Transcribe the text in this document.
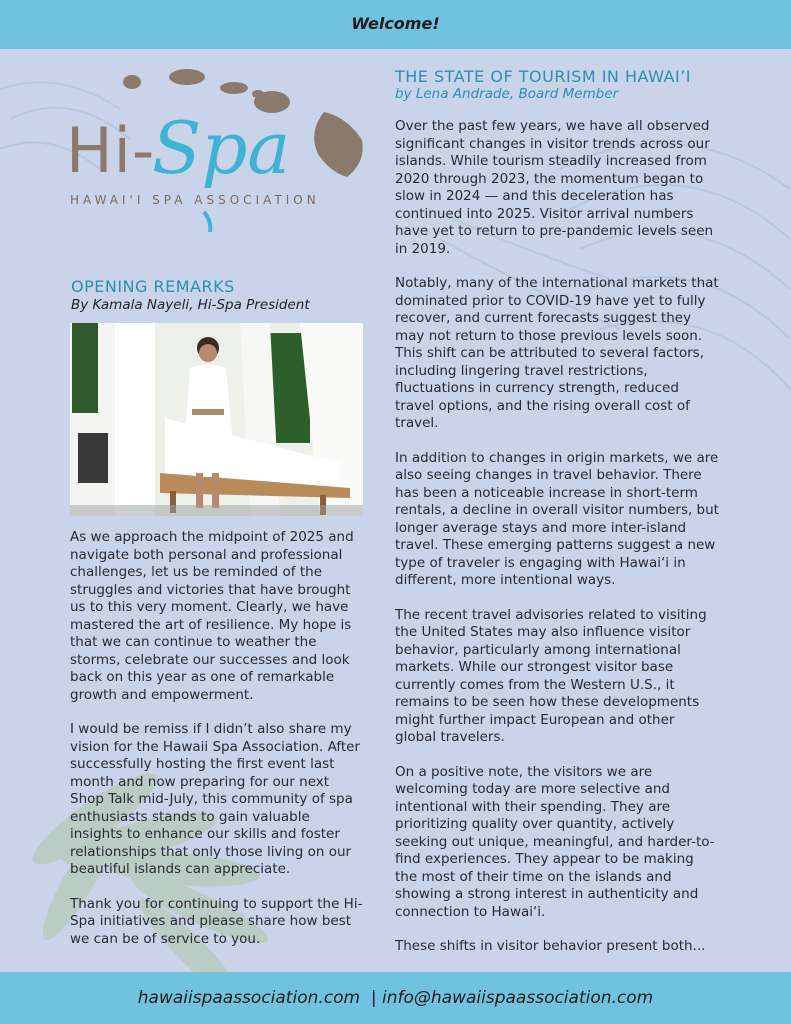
Welcome!
Hi-
Spa
HAWAI'I SPA ASSOCIATION
OPENING REMARKS
By Kamala Nayeli, Hi-Spa President

As we approach the midpoint of 2025 and navigate both personal and professional challenges, let us be reminded of the struggles and victories that have brought us to this very moment. Clearly, we have mastered the art of resilience. My hope is that we can continue to weather the storms, celebrate our successes and look back on this year as one of remarkable growth and empowerment.

I would be remiss if I didn’t also share my vision for the Hawaii Spa Association. After successfully hosting the first event last month and now preparing for our next Shop Talk mid-July, this community of spa enthusiasts stands to gain valuable insights to enhance our skills and foster relationships that only those living on our beautiful islands can appreciate.

Thank you for continuing to support the Hi-Spa initiatives and please share how best we can be of service to you.

THE STATE OF TOURISM IN HAWAI’I
by Lena Andrade, Board Member

Over the past few years, we have all observed significant changes in visitor trends across our islands. While tourism steadily increased from 2020 through 2023, the momentum began to slow in 2024 — and this deceleration has continued into 2025. Visitor arrival numbers have yet to return to pre-pandemic levels seen in 2019.

Notably, many of the international markets that dominated prior to COVID-19 have yet to fully recover, and current forecasts suggest they may not return to those previous levels soon. This shift can be attributed to several factors, including lingering travel restrictions, fluctuations in currency strength, reduced travel options, and the rising overall cost of travel.

In addition to changes in origin markets, we are also seeing changes in travel behavior. There has been a noticeable increase in short-term rentals, a decline in overall visitor numbers, but longer average stays and more inter-island travel. These emerging patterns suggest a new type of traveler is engaging with Hawai‘i in different, more intentional ways.

The recent travel advisories related to visiting the United States may also influence visitor behavior, particularly among international markets. While our strongest visitor base currently comes from the Western U.S., it remains to be seen how these developments might further impact European and other global travelers.

On a positive note, the visitors we are welcoming today are more selective and intentional with their spending. They are prioritizing quality over quantity, actively seeking out unique, meaningful, and harder-to-find experiences. They appear to be making the most of their time on the islands and showing a strong interest in authenticity and connection to Hawai‘i.

These shifts in visitor behavior present both...

hawaiispaassociation.com  | info@hawaiispaassociation.com
